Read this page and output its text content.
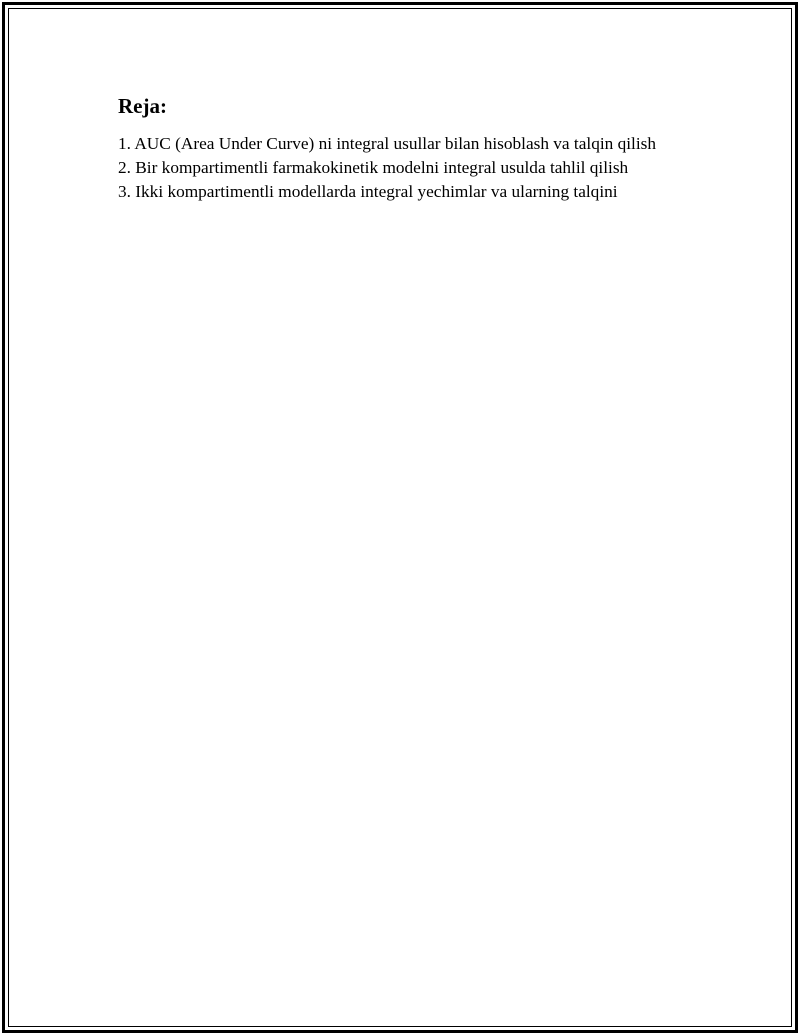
Reja:
1. AUC (Area Under Curve) ni integral usullar bilan hisoblash va talqin qilish
2. Bir kompartimentli farmakokinetik modelni integral usulda tahlil qilish
3. Ikki kompartimentli modellarda integral yechimlar va ularning talqini
